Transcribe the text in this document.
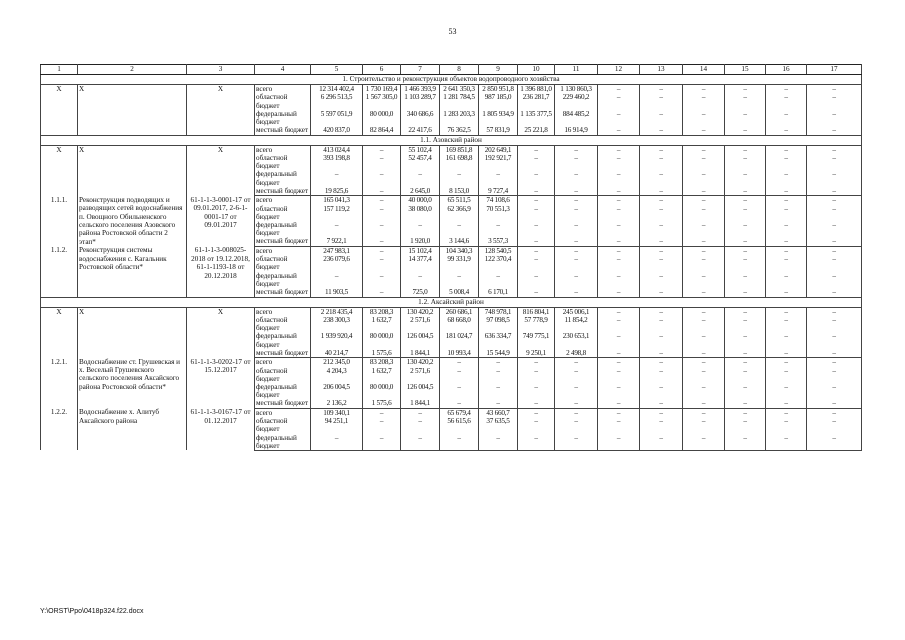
53
1	2	3	4	5	6	7	8	9	10	11	12	13	14	15	16	17
1. Строительство и реконструкция объектов водопроводного хозяйства																
Х	Х	Х	всего	12 314 402,4	1 730 169,4	1 466 393,9	2 641 350,3	2 850 951,8	1 396 881,0	1 130 860,3	–	–	–	–	–	–
			областной бюджет	6 296 513,5	1 567 305,0	1 103 289,7	1 281 784,5	987 185,0	236 281,7	229 460,2	–	–	–	–	–	–
			федеральный бюджет	5 597 051,9	80 000,0	340 686,6	1 283 203,3	1 805 934,9	1 135 377,5	884 485,2	–	–	–	–	–	–
			местный бюджет	420 837,0	82 864,4	22 417,6	76 362,5	57 831,9	25 221,8	16 914,9	–	–	–	–	–	–
1.1. Азовский район																
Х	Х	Х	всего	413 024,4	–	55 102,4	169 851,8	202 649,1	–	–	–	–	–	–	–	–
			областной бюджет	393 198,8	–	52 457,4	161 698,8	192 921,7	–	–	–	–	–	–	–	–
			федеральный бюджет	–	–	–	–	–	–	–	–	–	–	–	–	–
			местный бюджет	19 825,6	–	2 645,0	8 153,0	9 727,4	–	–	–	–	–	–	–	–
1.1.1.	Реконструкция подводящих и разводящих сетей водоснабжения п. Овощного Обильненского сельского поселения Азовского района Ростовской области 2 этап*	61-1-1-3-0001-17 от 09.01.2017, 2-6-1-0001-17 от 09.01.2017	всего	165 041,3	–	40 000,0	65 511,5	74 108,6	–	–	–	–	–	–	–	–
			областной бюджет	157 119,2	–	38 080,0	62 366,9	70 551,3	–	–	–	–	–	–	–	–
			федеральный бюджет	–	–	–	–	–	–	–	–	–	–	–	–	–
			местный бюджет	7 922,1	–	1 920,0	3 144,6	3 557,3	–	–	–	–	–	–	–	–
1.1.2.	Реконструкция системы водоснабжения с. Кагальник Ростовской области*	61-1-1-3-008025-2018 от 19.12.2018, 61-1-1193-18 от 20.12.2018	всего	247 983,1	–	15 102,4	104 340,3	128 540,5	–	–	–	–	–	–	–	–
			областной бюджет	236 079,6	–	14 377,4	99 331,9	122 370,4	–	–	–	–	–	–	–	–
			федеральный бюджет	–	–	–	–	–	–	–	–	–	–	–	–	–
			местный бюджет	11 903,5	–	725,0	5 008,4	6 170,1	–	–	–	–	–	–	–	–
1.2. Аксайский район																
Х	Х	Х	всего	2 218 435,4	83 208,3	130 420,2	260 686,1	748 978,1	816 804,1	245 006,1	–	–	–	–	–	–
			областной бюджет	238 300,3	1 632,7	2 571,6	68 668,0	97 098,5	57 778,9	11 854,2	–	–	–	–	–	–
			федеральный бюджет	1 939 920,4	80 000,0	126 004,5	181 024,7	636 334,7	749 775,1	230 653,1	–	–	–	–	–	–
			местный бюджет	40 214,7	1 575,6	1 844,1	10 993,4	15 544,9	9 250,1	2 498,8	–	–	–	–	–	–
1.2.1.	Водоснабжение ст. Грушевская и х. Веселый Грушевского сельского поселения Аксайского района Ростовской области*	61-1-1-3-0202-17 от 15.12.2017	всего	212 345,0	83 208,3	130 420,2	–	–	–	–	–	–	–	–	–	–
			областной бюджет	4 204,3	1 632,7	2 571,6	–	–	–	–	–	–	–	–	–	–
			федеральный бюджет	206 004,5	80 000,0	126 004,5	–	–	–	–	–	–	–	–	–	–
			местный бюджет	2 136,2	1 575,6	1 844,1	–	–	–	–	–	–	–	–	–	–
1.2.2.	Водоснабжение х. Алитуб Аксайского района	61-1-1-3-0167-17 от 01.12.2017	всего	109 340,1	–	–	65 679,4	43 660,7	–	–	–	–	–	–	–	–
			областной бюджет	94 251,1	–	–	56 615,6	37 635,5	–	–	–	–	–	–	–	–
			федеральный бюджет	–	–	–	–	–	–	–	–	–	–	–	–	–
Y:\ORST\Ppo\0418p324.f22.docx
